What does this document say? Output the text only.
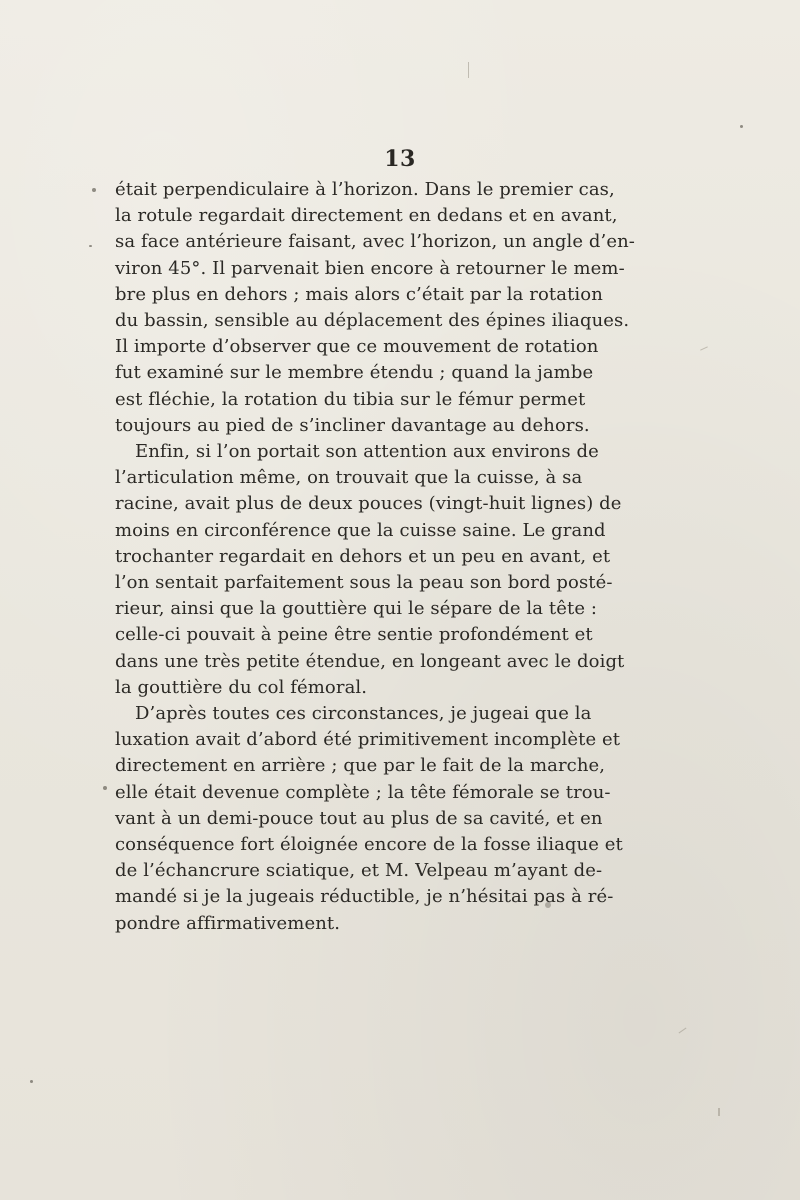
13
était perpendiculaire à l’horizon. Dans le premier cas,
la rotule regardait directement en dedans et en avant,
sa face antérieure faisant, avec l’horizon, un angle d’en-
viron 45°. Il parvenait bien encore à retourner le mem-
bre plus en dehors ; mais alors c’était par la rotation
du bassin, sensible au déplacement des épines iliaques.
Il importe d’observer que ce mouvement de rotation
fut examiné sur le membre étendu ; quand la jambe
est fléchie, la rotation du tibia sur le fémur permet
toujours au pied de s’incliner davantage au dehors.
Enfin, si l’on portait son attention aux environs de
l’articulation même, on trouvait que la cuisse, à sa
racine, avait plus de deux pouces (vingt-huit lignes) de
moins en circonférence que la cuisse saine. Le grand
trochanter regardait en dehors et un peu en avant, et
l’on sentait parfaitement sous la peau son bord posté-
rieur, ainsi que la gouttière qui le sépare de la tête :
celle-ci pouvait à peine être sentie profondément et
dans une très petite étendue, en longeant avec le doigt
la gouttière du col fémoral.
D’après toutes ces circonstances, je jugeai que la
luxation avait d’abord été primitivement incomplète et
directement en arrière ; que par le fait de la marche,
elle était devenue complète ; la tête fémorale se trou-
vant à un demi-pouce tout au plus de sa cavité, et en
conséquence fort éloignée encore de la fosse iliaque et
de l’échancrure sciatique, et M. Velpeau m’ayant de-
mandé si je la jugeais réductible, je n’hésitai pas à ré-
pondre affirmativement.
